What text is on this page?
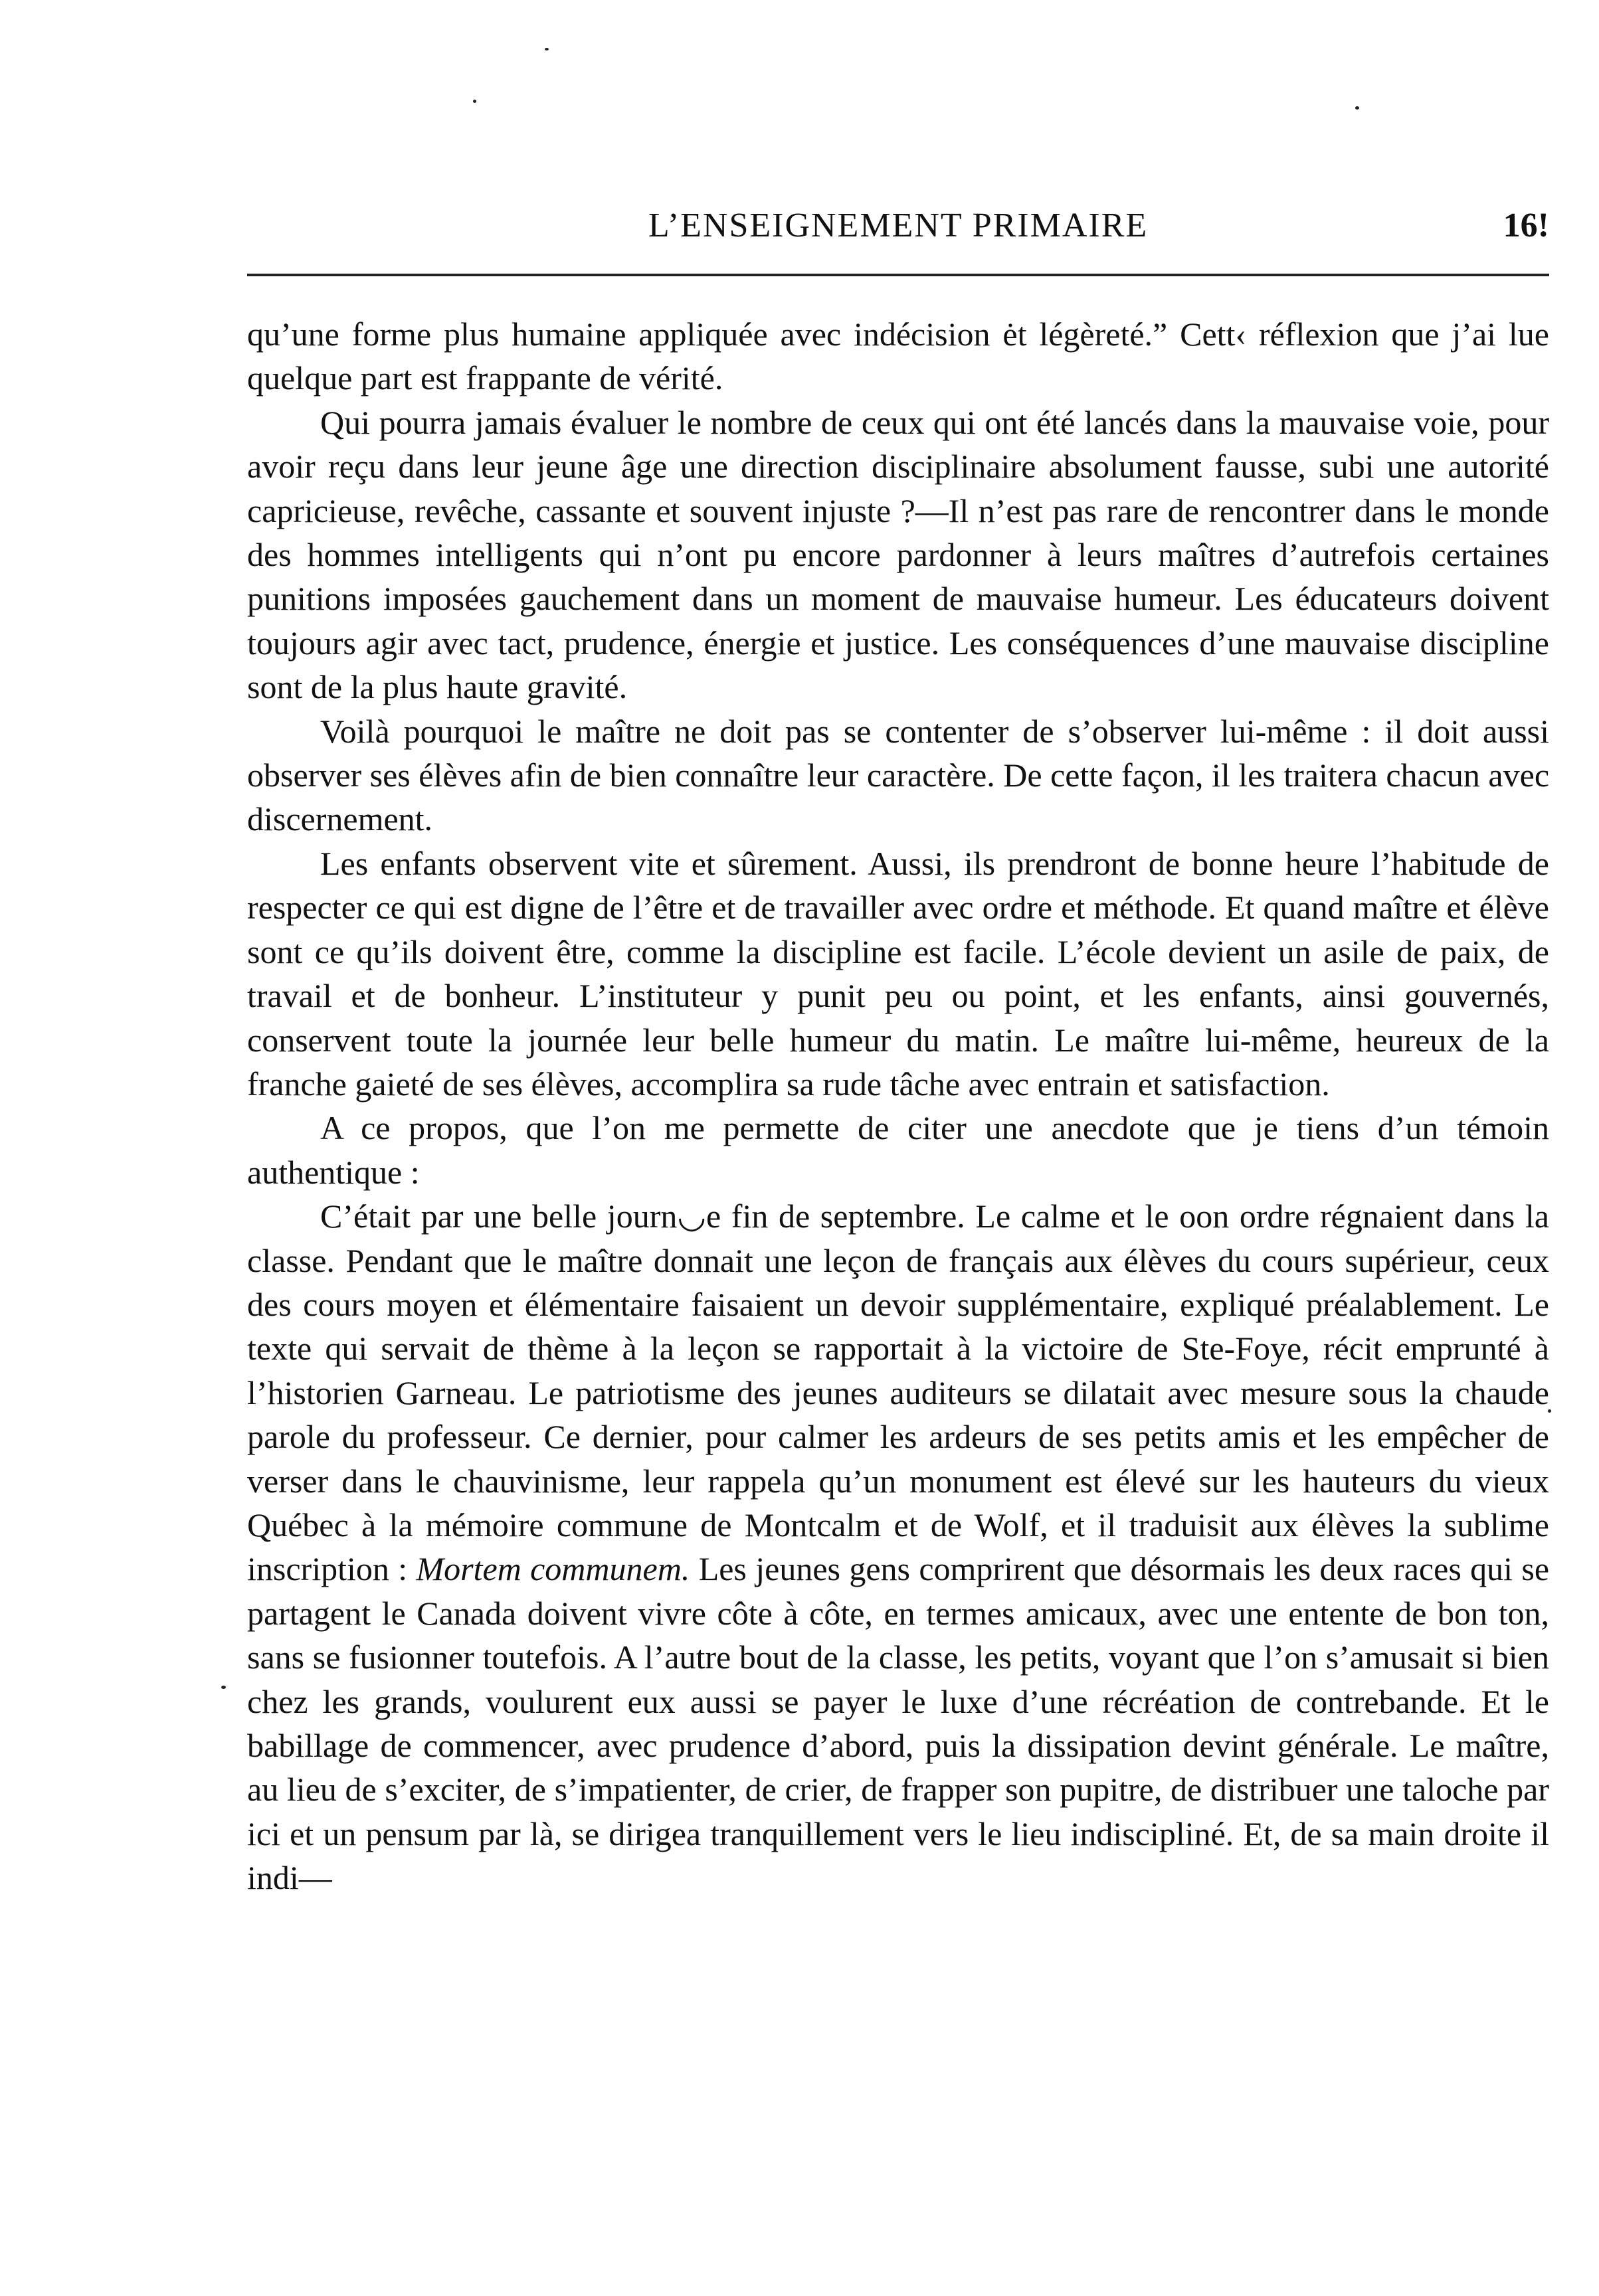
L’ENSEIGNEMENT PRIMAIRE	16!

qu’une forme plus humaine appliquée avec indécision ėt légèreté.” Cett‹ réflexion que j’ai lue quelque part est frappante de vérité.

Qui pourra jamais évaluer le nombre de ceux qui ont été lancés dans la mauvaise voie, pour avoir reçu dans leur jeune âge une direction disciplinaire absolument fausse, subi une autorité capricieuse, revêche, cassante et souvent injuste ?—Il n’est pas rare de rencontrer dans le monde des hommes intelligents qui n’ont pu encore pardonner à leurs maîtres d’autrefois certaines punitions imposées gauchement dans un moment de mauvaise humeur. Les éducateurs doivent toujours agir avec tact, prudence, énergie et justice. Les conséquences d’une mauvaise discipline sont de la plus haute gravité.

Voilà pourquoi le maître ne doit pas se contenter de s’observer lui-même : il doit aussi observer ses élèves afin de bien connaître leur caractère. De cette façon, il les traitera chacun avec discernement.

Les enfants observent vite et sûrement. Aussi, ils prendront de bonne heure l’habitude de respecter ce qui est digne de l’être et de travailler avec ordre et méthode. Et quand maître et élève sont ce qu’ils doivent être, comme la discipline est facile. L’école devient un asile de paix, de travail et de bonheur. L’instituteur y punit peu ou point, et les enfants, ainsi gouvernés, conservent toute la journée leur belle humeur du matin. Le maître lui-même, heureux de la franche gaieté de ses élèves, accomplira sa rude tâche avec entrain et satisfaction.

A ce propos, que l’on me permette de citer une anecdote que je tiens d’un témoin authentique :

C’était par une belle journ◡e fin de septembre. Le calme et le oon ordre régnaient dans la classe. Pendant que le maître donnait une leçon de français aux élèves du cours supérieur, ceux des cours moyen et élémentaire faisaient un devoir supplémentaire, expliqué préalablement. Le texte qui servait de thème à la leçon se rapportait à la victoire de Ste-Foye, récit emprunté à l’historien Garneau. Le patriotisme des jeunes auditeurs se dilatait avec mesure sous la chaude parole du professeur. Ce dernier, pour calmer les ardeurs de ses petits amis et les empêcher de verser dans le chauvinisme, leur rappela qu’un monument est élevé sur les hauteurs du vieux Québec à la mémoire commune de Montcalm et de Wolf, et il traduisit aux élèves la sublime inscription : Mortem communem. Les jeunes gens comprirent que désormais les deux races qui se partagent le Canada doivent vivre côte à côte, en termes amicaux, avec une entente de bon ton, sans se fusionner toutefois. A l’autre bout de la classe, les petits, voyant que l’on s’amusait si bien chez les grands, voulurent eux aussi se payer le luxe d’une récréation de contrebande. Et le babillage de commencer, avec prudence d’abord, puis la dissipation devint générale. Le maître, au lieu de s’exciter, de s’impatienter, de crier, de frapper son pupitre, de distribuer une taloche par ici et un pensum par là, se dirigea tranquillement vers le lieu indiscipliné. Et, de sa main droite il indi—
